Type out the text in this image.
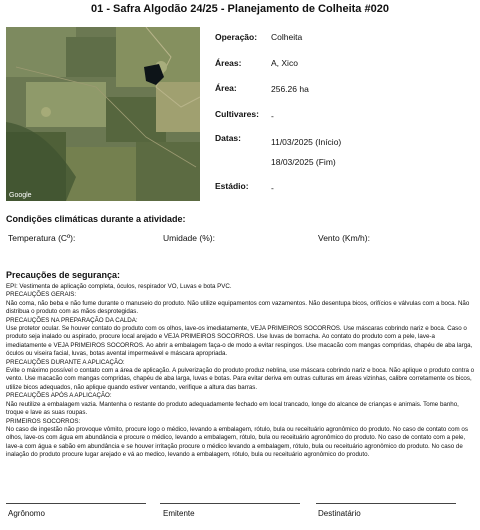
01 - Safra Algodão 24/25 - Planejamento de Colheita #020
Google
Operação: Colheita
Áreas:	A, Xico
Área:	256.26 ha
Cultivares: -
Datas:	11/03/2025 (Início)
18/03/2025 (Fim)
Estádio:	-
Condições climáticas durante a atividade:
Temperatura (Cº):	Umidade (%):	Vento (Km/h):
Precauções de segurança:
EPI: Vestimenta de aplicação completa, óculos, respirador VO, Luvas e bota PVC.
PRECAUÇÕES GERAIS:
Não coma, não beba e não fume durante o manuseio do produto. Não utilize equipamentos com vazamentos. Não desentupa bicos, orifícios e válvulas com a boca. Não distribua o produto com as mãos desprotegidas.
PRECAUÇÕES NA PREPARAÇÃO DA CALDA:
Use protetor ocular. Se houver contato do produto com os olhos, lave-os imediatamente, VEJA PRIMEIROS SOCORROS. Use máscaras cobrindo nariz e boca. Caso o produto seja inalado ou aspirado, procure local arejado e VEJA PRIMEIROS SOCORROS. Use luvas de borracha. Ao contato do produto com a pele, lave-a imediatamente e VEJA PRIMEIROS SOCORROS. Ao abrir a embalagem faça-o de modo a evitar respingos. Use macacão com mangas compridas, chapéu de aba larga, óculos ou viseira facial, luvas, botas avental impermeável e máscara apropriada.
PRECAUÇÕES DURANTE A APLICAÇÃO:
Evite o máximo possível o contato com a área de aplicação. A pulverização do produto produz neblina, use máscara cobrindo nariz e boca. Não aplique o produto contra o vento. Use macacão com mangas compridas, chapéu de aba larga, luvas e botas. Para evitar deriva em outras culturas em áreas vizinhas, calibre corretamente os bicos, utilize bicos adequados, não aplique quando estiver ventando, verifique a altura das barras.
PRECAUÇÕES APÓS A APLICAÇÃO:
Não reutilize a embalagem vazia. Mantenha o restante do produto adequadamente fechado em local trancado, longe do alcance de crianças e animais. Tome banho, troque e lave as suas roupas.
PRIMEIROS SOCORROS:
No caso de ingestão não provoque vômito, procure logo o médico, levando a embalagem, rótulo, bula ou receituário agronômico do produto. No caso de contato com os olhos, lave-os com água em abundância e procure o médico, levando a embalagem, rótulo, bula ou receituário agronômico do produto. No caso de contato com a pele, lave-a com água e sabão em abundância e se houver irritação procure o médico levando a embalagem, rótulo, bula ou receituário agronômico do produto. No caso de inalação do produto procure lugar arejado e vá ao medico, levando a embalagem, rótulo, bula ou receituário agronômico do produto.
Agrônomo	Emitente	Destinatário
